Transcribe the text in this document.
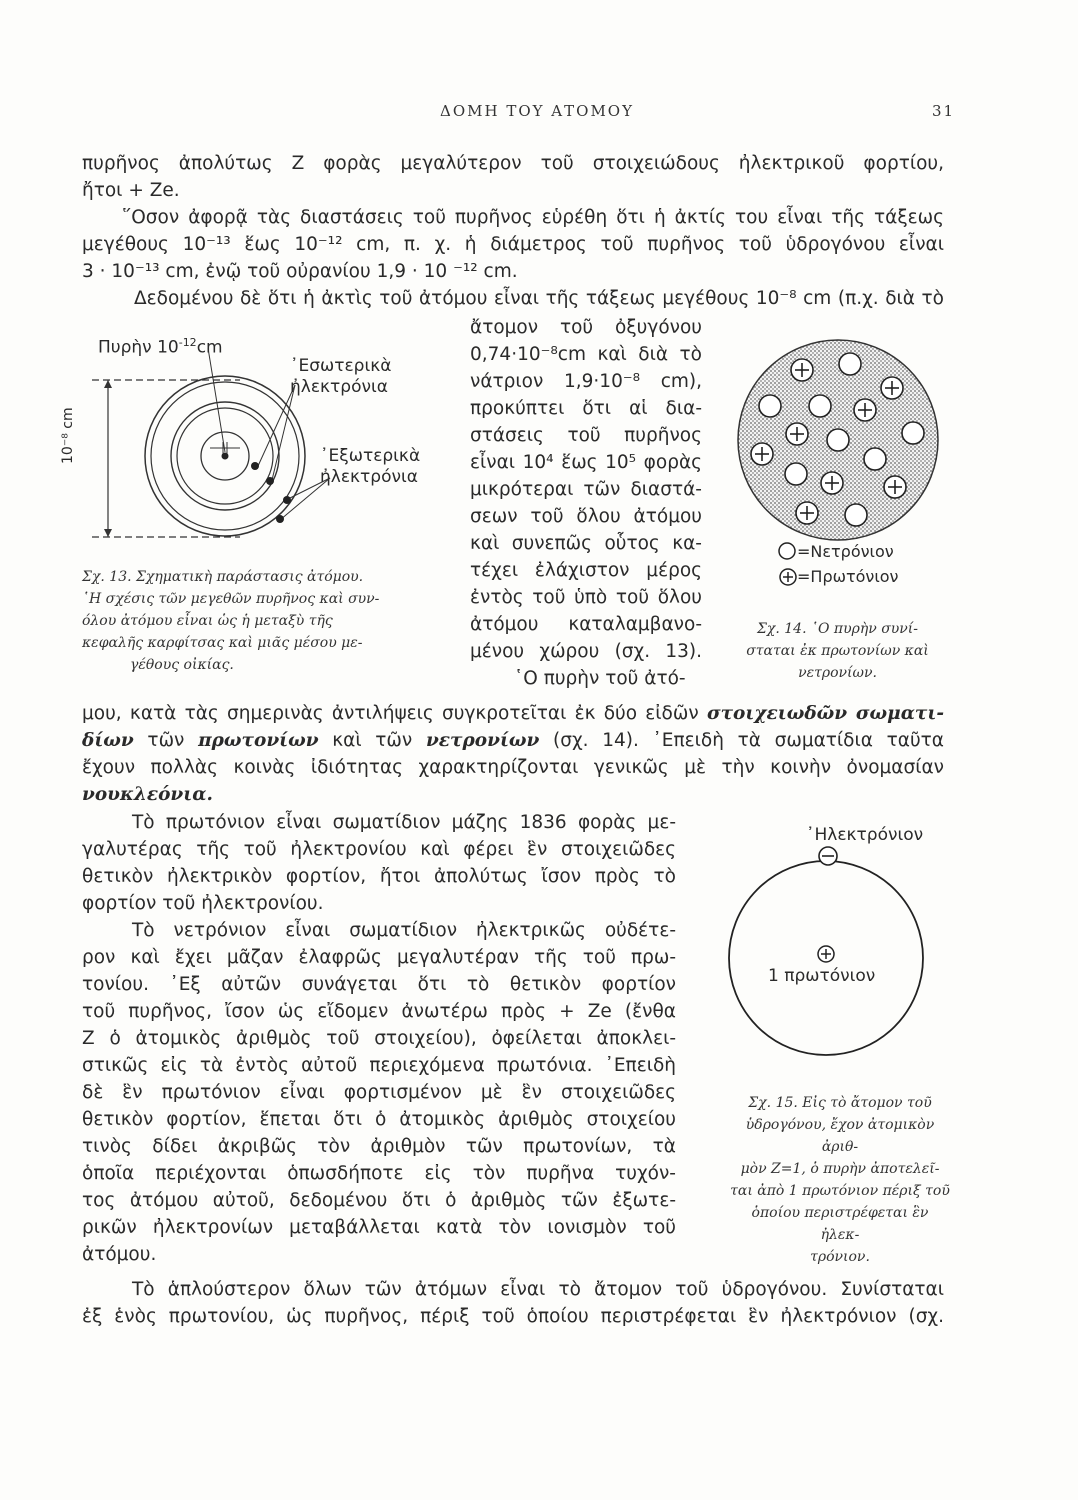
ΔΟΜΗ ΤΟΥ ΑΤΟΜΟΥ	31
πυρῆνος ἀπολύτως Ζ φορὰς μεγαλύτερον τοῦ στοιχειώδους ἠλεκτρικοῦ φορτίου,
ἤτοι + Ze.
῞Οσον ἀφορᾷ τὰς διαστάσεις τοῦ πυρῆνος εὑρέθη ὅτι ἡ ἀκτίς του εἶναι τῆς τάξεως
μεγέθους 10⁻¹³ ἕως 10⁻¹² cm, π. χ. ἡ διάμετρος τοῦ πυρῆνος τοῦ ὑδρογόνου εἶναι
3 · 10⁻¹³ cm, ἐνῷ τοῦ οὐρανίου 1,9 · 10 ⁻¹² cm.
Δεδομένου δὲ ὅτι ἡ ἀκτὶς τοῦ ἀτόμου εἶναι τῆς τάξεως μεγέθους 10⁻⁸ cm (π.χ. διὰ τὸ
ἄτομον τοῦ ὀξυγόνου
0,74·10⁻⁸cm καὶ διὰ τὸ
νάτριον 1,9·10⁻⁸ cm),
προκύπτει ὅτι αἱ δια-
στάσεις τοῦ πυρῆνος
εἶναι 10⁴ ἕως 10⁵ φορὰς
μικρότεραι τῶν διαστά-
σεων τοῦ ὅλου ἀτόμου
καὶ συνεπῶς οὗτος κα-
τέχει ἐλάχιστον μέρος
ἐντὸς τοῦ ὑπὸ τοῦ ὅλου
ἀτόμου καταλαμβανο-
μένου χώρου (σχ. 13).
῾Ο πυρὴν τοῦ ἀτό-
Πυρὴν $10^{-12}cm$
᾿Εσωτερικὰ
ἠλεκτρόνια
᾿Εξωτερικὰ
ἠλεκτρόνια
10⁻⁸ cm
Σχ. 13. Σχηματικὴ παράστασις ἀτόμου.
῾Η σχέσις τῶν μεγεθῶν πυρῆνος καὶ συν-
όλου ἀτόμου εἶναι ὡς ἡ μεταξὺ τῆς
κεφαλῆς καρφίτσας καὶ μιᾶς μέσου με-
γέθους οἰκίας.
=Νετρόνιον
=Πρωτόνιον
Σχ. 14. ῾Ο πυρὴν συνί-
σταται ἐκ πρωτονίων καὶ
νετρονίων.
μου, κατὰ τὰς σημερινὰς ἀντιλήψεις συγκροτεῖται ἐκ δύο εἰδῶν στοιχειωδῶν σωματι-
δίων τῶν πρωτονίων καὶ τῶν νετρονίων (σχ. 14). ᾿Επειδὴ τὰ σωματίδια ταῦτα
ἔχουν πολλὰς κοινὰς ἰδιότητας χαρακτηρίζονται γενικῶς μὲ τὴν κοινὴν ὀνομασίαν
νουκλεόνια.
Τὸ πρωτόνιον εἶναι σωματίδιον μάζης 1836 φορὰς με-
γαλυτέρας τῆς τοῦ ἠλεκτρονίου καὶ φέρει ἓν στοιχειῶδες
θετικὸν ἠλεκτρικὸν φορτίον, ἤτοι ἀπολύτως ἴσον πρὸς τὸ
φορτίον τοῦ ἠλεκτρονίου.
Τὸ νετρόνιον εἶναι σωματίδιον ἠλεκτρικῶς οὐδέτε-
ρον καὶ ἔχει μᾶζαν ἐλαφρῶς μεγαλυτέραν τῆς τοῦ πρω-
τονίου. ᾿Εξ αὐτῶν συνάγεται ὅτι τὸ θετικὸν φορτίον
τοῦ πυρῆνος, ἴσον ὡς εἴδομεν ἀνωτέρω πρὸς + Ze (ἔνθα
Ζ ὁ ἀτομικὸς ἀριθμὸς τοῦ στοιχείου), ὀφείλεται ἀποκλει-
στικῶς εἰς τὰ ἐντὸς αὐτοῦ περιεχόμενα πρωτόνια. ᾿Επειδὴ
δὲ ἓν πρωτόνιον εἶναι φορτισμένον μὲ ἓν στοιχειῶδες
θετικὸν φορτίον, ἕπεται ὅτι ὁ ἀτομικὸς ἀριθμὸς στοιχείου
τινὸς δίδει ἀκριβῶς τὸν ἀριθμὸν τῶν πρωτονίων, τὰ
ὁποῖα περιέχονται ὁπωσδήποτε εἰς τὸν πυρῆνα τυχόν-
τος ἀτόμου αὐτοῦ, δεδομένου ὅτι ὁ ἀριθμὸς τῶν ἐξωτε-
ρικῶν ἠλεκτρονίων μεταβάλλεται κατὰ τὸν ιονισμὸν τοῦ
ἀτόμου.
᾿Ηλεκτρόνιον
1 πρωτόνιον
Σχ. 15. Εἰς τὸ ἄτομον τοῦ
ὑδρογόνου, ἔχον ἀτομικὸν ἀριθ-
μὸν Ζ=1, ὁ πυρὴν ἀποτελεῖ-
ται ἀπὸ 1 πρωτόνιον πέριξ τοῦ
ὁποίου περιστρέφεται ἓν ἠλεκ-
τρόνιον.
Τὸ ἁπλούστερον ὅλων τῶν ἀτόμων εἶναι τὸ ἄτομον τοῦ ὑδρογόνου. Συνίσταται
ἐξ ἑνὸς πρωτονίου, ὡς πυρῆνος, πέριξ τοῦ ὁποίου περιστρέφεται ἓν ἠλεκτρόνιον (σχ.
